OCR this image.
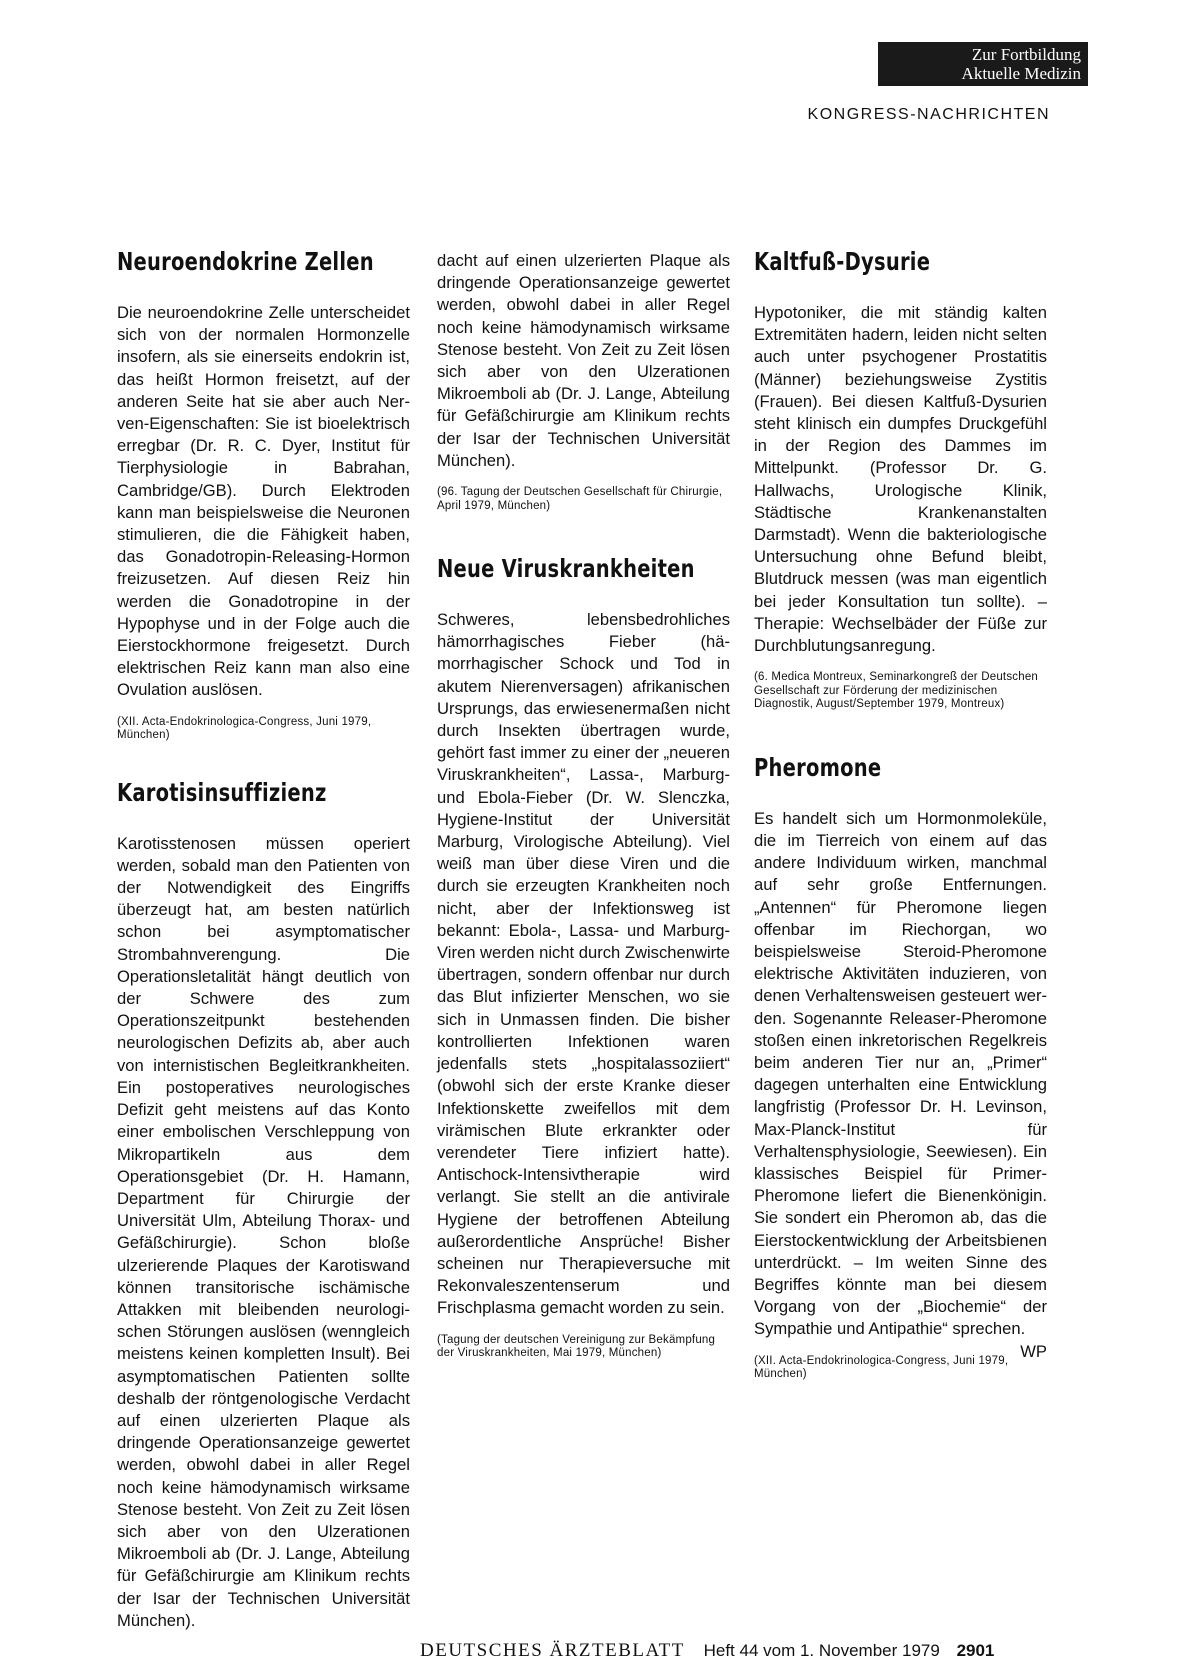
Zur Fortbildung
Aktuelle Medizin
KONGRESS-NACHRICHTEN
Neuroendokrine Zellen

Die neuroendokrine Zelle unterscheidet sich von der normalen Hormonzelle insofern, als sie einerseits endokrin ist, das heißt Hormon freisetzt, auf der anderen Seite hat sie aber auch Nerven-Eigenschaften: Sie ist bioelektrisch erregbar (Dr. R. C. Dyer, Institut für Tierphysiologie in Babrahan, Cambridge/GB). Durch Elektroden kann man beispielsweise die Neuronen stimulieren, die die Fähigkeit haben, das Gonadotropin-Releasing-Hormon freizusetzen. Auf diesen Reiz hin werden die Gonadotropine in der Hypophyse und in der Folge auch die Eierstockhormone freigesetzt. Durch elektrischen Reiz kann man also eine Ovulation auslösen.

(XII. Acta-Endokrinologica-Congress, Juni 1979, München)

Karotisinsuffizienz

Karotisstenosen müssen operiert werden, sobald man den Patienten von der Notwendigkeit des Eingriffs überzeugt hat, am besten natürlich schon bei asymptomatischer Strombahnverengung. Die Operationsletalität hängt deutlich von der Schwere des zum Operationszeitpunkt bestehenden neurologischen Defizits ab, aber auch von internistischen Begleitkrankheiten. Ein postoperatives neurologisches Defizit geht meistens auf das Konto einer embolischen Verschleppung von Mikropartikeln aus dem Operationsgebiet (Dr. H. Hamann, Department für Chirurgie der Universität Ulm, Abteilung Thorax- und Gefäßchirurgie). Schon bloße ulzerierende Plaques der Karotiswand können transitorische ischämische Attakken mit bleibenden neurologischen Störungen auslösen (wenngleich meistens keinen kompletten Insult). Bei asymptomatischen Patienten sollte deshalb der röntgenologische Verdacht auf einen ulzerierten Plaque als dringende Operationsanzeige gewertet werden, obwohl dabei in aller Regel noch keine hämodynamisch wirksame Stenose besteht. Von Zeit zu Zeit lösen sich aber von den Ulzerationen Mikroemboli ab (Dr. J. Lange, Abteilung für Gefäßchirurgie am Klinikum rechts der Isar der Technischen Universität München).

dacht auf einen ulzerierten Plaque als dringende Operationsanzeige gewertet werden, obwohl dabei in aller Regel noch keine hämodynamisch wirksame Stenose besteht. Von Zeit zu Zeit lösen sich aber von den Ulzerationen Mikroemboli ab (Dr. J. Lange, Abteilung für Gefäßchirurgie am Klinikum rechts der Isar der Technischen Universität München).

(96. Tagung der Deutschen Gesellschaft für Chirurgie, April 1979, München)

Neue Viruskrankheiten

Schweres, lebensbedrohliches hämorrhagisches Fieber (hämorrhagischer Schock und Tod in akutem Nierenversagen) afrikanischen Ursprungs, das erwiesenermaßen nicht durch Insekten übertragen wurde, gehört fast immer zu einer der „neueren Viruskrankheiten“, Lassa-, Marburg- und Ebola-Fieber (Dr. W. Slenczka, Hygiene-Institut der Universität Marburg, Virologische Abteilung). Viel weiß man über diese Viren und die durch sie erzeugten Krankheiten noch nicht, aber der Infektionsweg ist bekannt: Ebola-, Lassa- und Marburg-Viren werden nicht durch Zwischenwirte übertragen, sondern offenbar nur durch das Blut infizierter Menschen, wo sie sich in Unmassen finden. Die bisher kontrollierten Infektionen waren jedenfalls stets „hospitalassoziiert“ (obwohl sich der erste Kranke dieser Infektionskette zweifellos mit dem virämischen Blute erkrankter oder verendeter Tiere infiziert hatte). Antischock-Intensivtherapie wird verlangt. Sie stellt an die antivirale Hygiene der betroffenen Abteilung außerordentliche Ansprüche! Bisher scheinen nur Therapieversuche mit Rekonvaleszentenserum und Frischplasma gemacht worden zu sein.

(Tagung der deutschen Vereinigung zur Bekämpfung der Viruskrankheiten, Mai 1979, München)

Kaltfuß-Dysurie

Hypotoniker, die mit ständig kalten Extremitäten hadern, leiden nicht selten auch unter psychogener Prostatitis (Männer) beziehungsweise Zystitis (Frauen). Bei diesen Kaltfuß-Dysurien steht klinisch ein dumpfes Druckgefühl in der Region des Dammes im Mittelpunkt. (Professor Dr. G. Hallwachs, Urologische Klinik, Städtische Krankenanstalten Darmstadt). Wenn die bakteriologische Untersuchung ohne Befund bleibt, Blutdruck messen (was man eigentlich bei jeder Konsultation tun sollte). – Therapie: Wechselbäder der Füße zur Durchblutungsanregung.

(6. Medica Montreux, Seminarkongreß der Deutschen Gesellschaft zur Förderung der medizinischen Diagnostik, August/September 1979, Montreux)

Pheromone

Es handelt sich um Hormonmoleküle, die im Tierreich von einem auf das andere Individuum wirken, manchmal auf sehr große Entfernungen. „Antennen“ für Pheromone liegen offenbar im Riechorgan, wo beispielsweise Steroid-Pheromone elektrische Aktivitäten induzieren, von denen Verhaltensweisen gesteuert werden. Sogenannte Releaser-Pheromone stoßen einen inkretorischen Regelkreis beim anderen Tier nur an, „Primer“ dagegen unterhalten eine Entwicklung langfristig (Professor Dr. H. Levinson, Max-Planck-Institut für Verhaltensphysiologie, Seewiesen). Ein klassisches Beispiel für Primer-Pheromone liefert die Bienenkönigin. Sie sondert ein Pheromon ab, das die Eierstockentwicklung der Arbeitsbienen unterdrückt. – Im weiten Sinne des Begriffes könnte man bei diesem Vorgang von der „Biochemie“ der Sympathie und Antipathie“ sprechen.
WP

(XII. Acta-Endokrinologica-Congress, Juni 1979, München)

DEUTSCHES ÄRZTEBLATT Heft 44 vom 1. November 1979 2901
